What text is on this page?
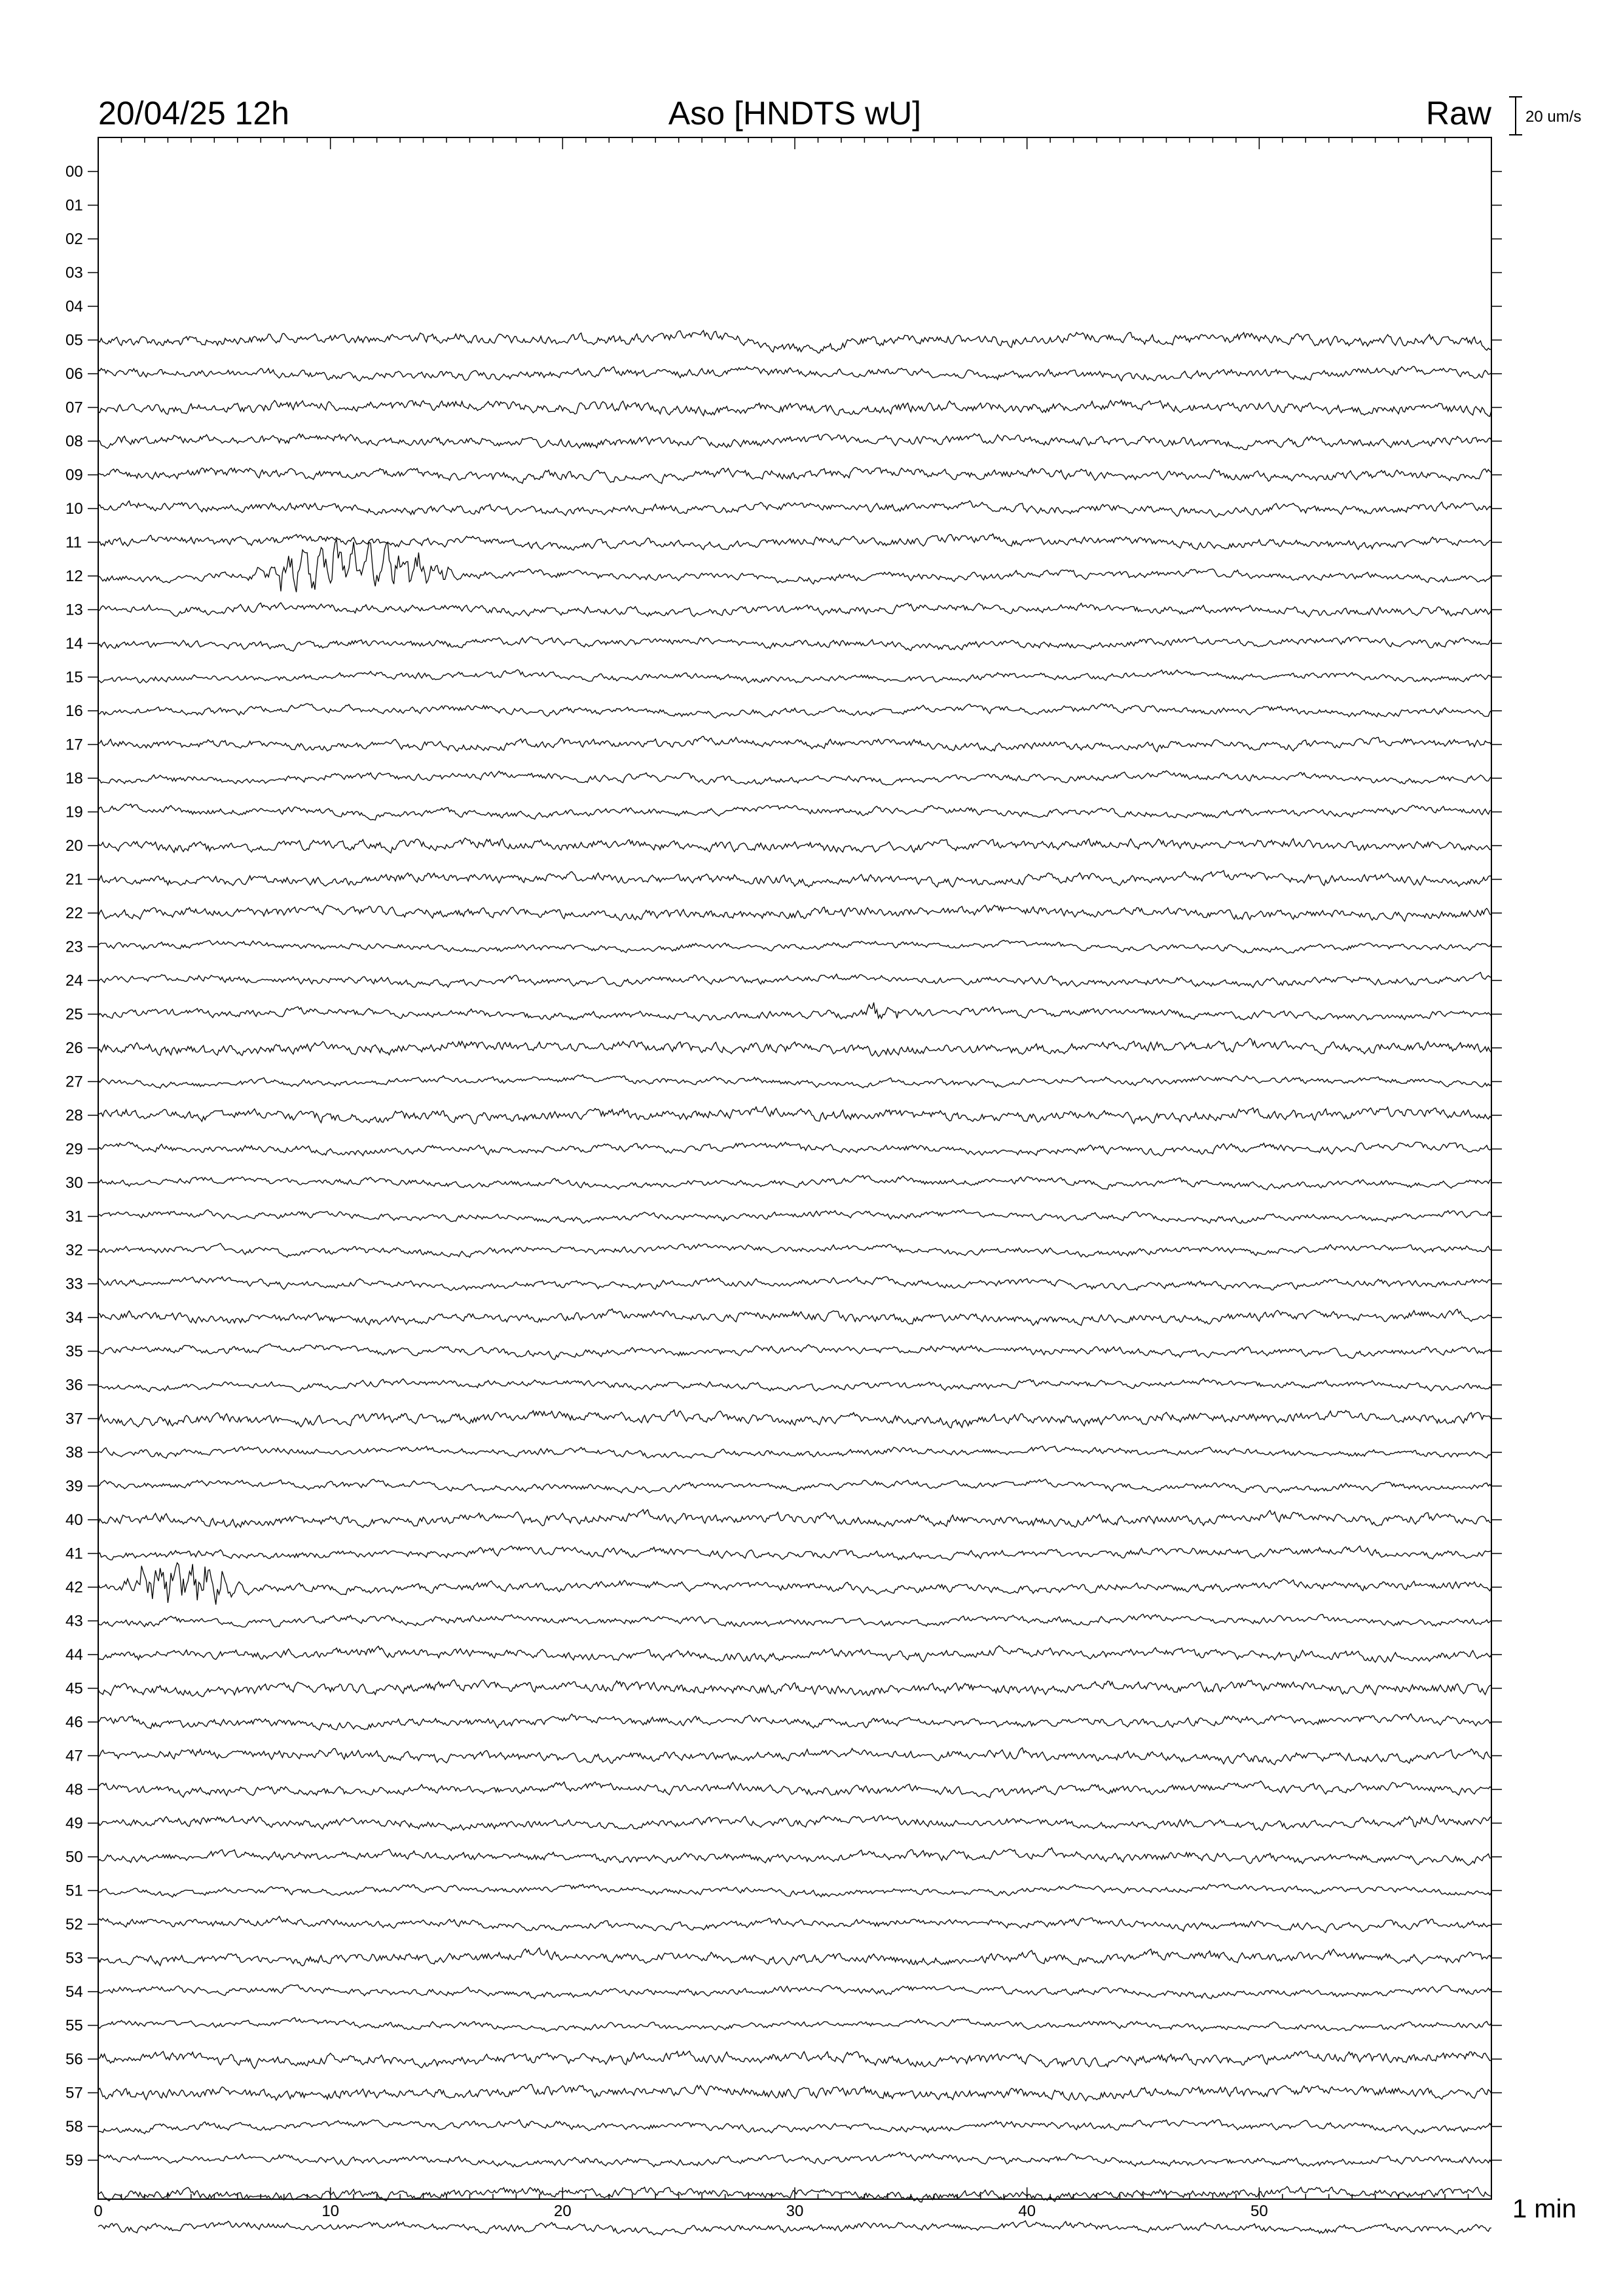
20/04/25 12h	Aso [HNDTS wU]	Raw 20 um/s
00
01
02
03
04
05
06
07
08
09
10
11
12
13
14
15
16
17
18
19
20
21
22
23
24
25
26
27
28
29
30
31
32
33
34
35
36
37
38
39
40
41
42
43
44
45
46
47
48
49
50
51
52
53
54
55
56
57
58
59
0	10	20	30	40	50	1 min
